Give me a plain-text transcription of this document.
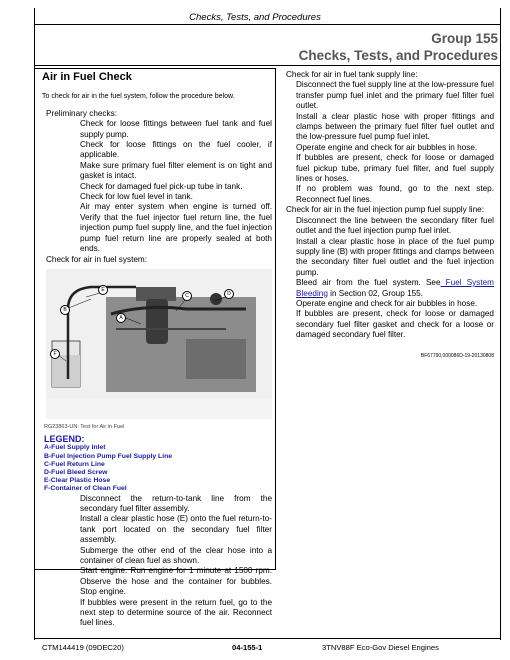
Checks, Tests, and Procedures
Group 155
Checks, Tests, and Procedures

Air in Fuel Check

To check for air in the fuel system, follow the procedure below.

Preliminary checks:

Check for loose fittings between fuel tank and fuel supply pump.

Check for loose fittings on the fuel cooler, if applicable.

Make sure primary fuel filter element is on tight and gasket is intact.

Check for damaged fuel pick-up tube in tank.

Check for low fuel level in tank.

Air may enter system when engine is turned off. Verify that the fuel injector fuel return line, the fuel injection pump fuel supply line, and the fuel injection pump fuel return line are properly sealed at both ends.

Check for air in fuel system:

B
A
C	D
E
F

RG23863-UN: Test for Air in Fuel

LEGEND:

A-Fuel Supply Inlet

B-Fuel Injection Pump Fuel Supply Line

C-Fuel Return Line

D-Fuel Bleed Screw

E-Clear Plastic Hose

F-Container of Clean Fuel

Disconnect the return-to-tank line from the secondary fuel filter assembly.

Install a clear plastic hose (E) onto the fuel return-to-tank port located on the secondary fuel filter assembly.

Submerge the other end of the clear hose into a container of clean fuel as shown.

Start engine. Run engine for 1 minute at 1500 rpm. Observe the hose and the container for bubbles. Stop engine.

If bubbles were present in the return fuel, go to the next step to determine source of the air. Reconnect fuel lines.

Check for air in fuel tank supply line:

Disconnect the fuel supply line at the low-pressure fuel transfer pump fuel inlet and the primary fuel filter fuel outlet.

Install a clear plastic hose with proper fittings and clamps between the primary fuel filter fuel outlet and the low-pressure fuel pump fuel inlet.

Operate engine and check for air bubbles in hose.

If bubbles are present, check for loose or damaged fuel pickup tube, primary fuel filter, and fuel supply lines or hoses.

If no problem was found, go to the next step. Reconnect fuel lines.

Check for air in the fuel injection pump fuel supply line:

Disconnect the line between the secondary filter fuel outlet and the fuel injection pump fuel inlet.

Install a clear plastic hose in place of the fuel pump supply line (B) with proper fittings and clamps between the secondary filter fuel outlet and the fuel injection pump.

Bleed air from the fuel system. See Fuel System Bleeding in Section 02, Group 155.

Operate engine and check for air bubbles in hose.

If bubbles are present, check for loose or damaged secondary fuel filter gasket and check for a loose or damaged secondary fuel filter.

BF67790,000086D-19-20130808

CTM144419 (09DEC20)	04-155-1	3TNV88F Eco-Gov Diesel Engines
